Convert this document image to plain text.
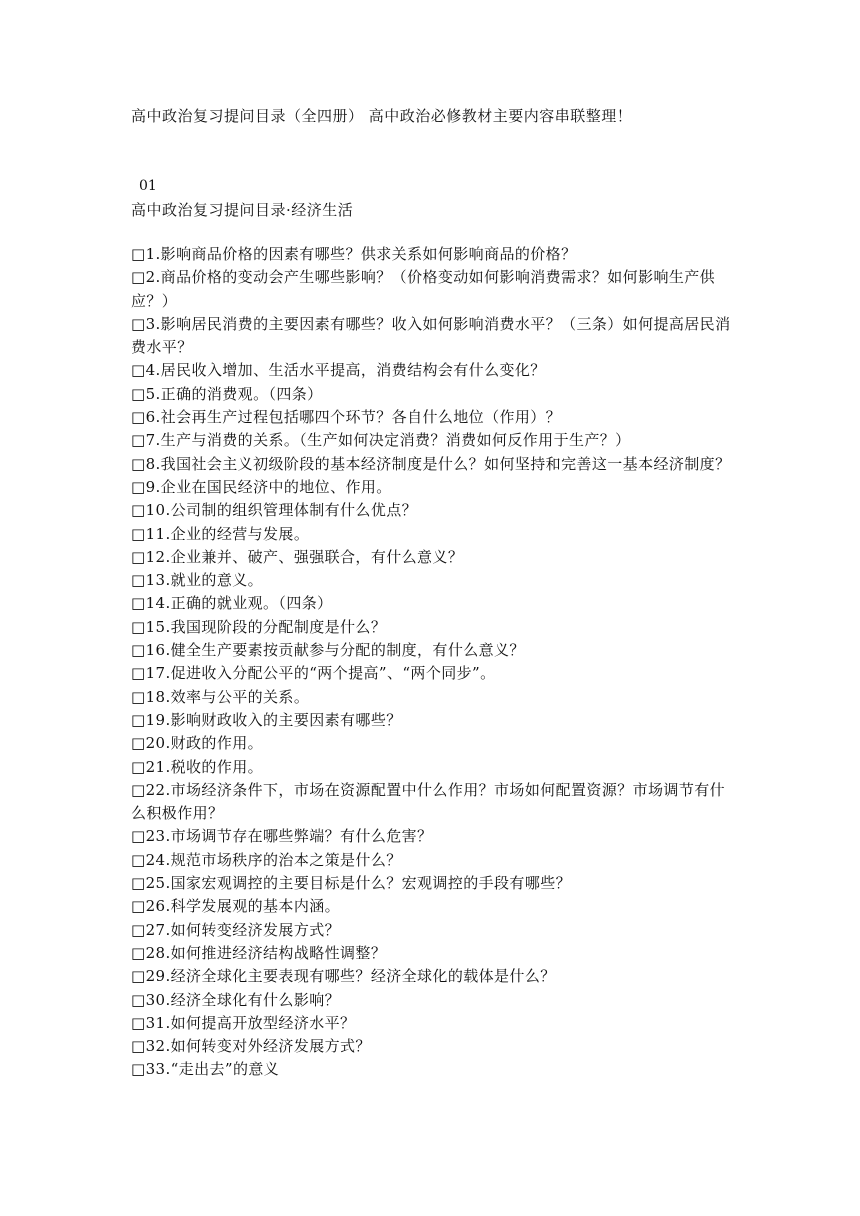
高中政治复习提问目录（全四册） 高中政治必修教材主要内容串联整理！
01
高中政治复习提问目录·经济生活
□1.影响商品价格的因素有哪些？供求关系如何影响商品的价格？
□2.商品价格的变动会产生哪些影响？（价格变动如何影响消费需求？如何影响生产供应？）
□3.影响居民消费的主要因素有哪些？收入如何影响消费水平？（三条）如何提高居民消费水平？
□4.居民收入增加、生活水平提高，消费结构会有什么变化？
□5.正确的消费观。（四条）
□6.社会再生产过程包括哪四个环节？各自什么地位（作用）？
□7.生产与消费的关系。（生产如何决定消费？消费如何反作用于生产？）
□8.我国社会主义初级阶段的基本经济制度是什么？如何坚持和完善这一基本经济制度？
□9.企业在国民经济中的地位、作用。
□10.公司制的组织管理体制有什么优点？
□11.企业的经营与发展。
□12.企业兼并、破产、强强联合，有什么意义？
□13.就业的意义。
□14.正确的就业观。（四条）
□15.我国现阶段的分配制度是什么？
□16.健全生产要素按贡献参与分配的制度，有什么意义？
□17.促进收入分配公平的“两个提高”、“两个同步”。
□18.效率与公平的关系。
□19.影响财政收入的主要因素有哪些？
□20.财政的作用。
□21.税收的作用。
□22.市场经济条件下，市场在资源配置中什么作用？市场如何配置资源？市场调节有什么积极作用？
□23.市场调节存在哪些弊端？有什么危害？
□24.规范市场秩序的治本之策是什么？
□25.国家宏观调控的主要目标是什么？宏观调控的手段有哪些？
□26.科学发展观的基本内涵。
□27.如何转变经济发展方式？
□28.如何推进经济结构战略性调整？
□29.经济全球化主要表现有哪些？经济全球化的载体是什么？
□30.经济全球化有什么影响？
□31.如何提高开放型经济水平？
□32.如何转变对外经济发展方式？
□33.“走出去”的意义
